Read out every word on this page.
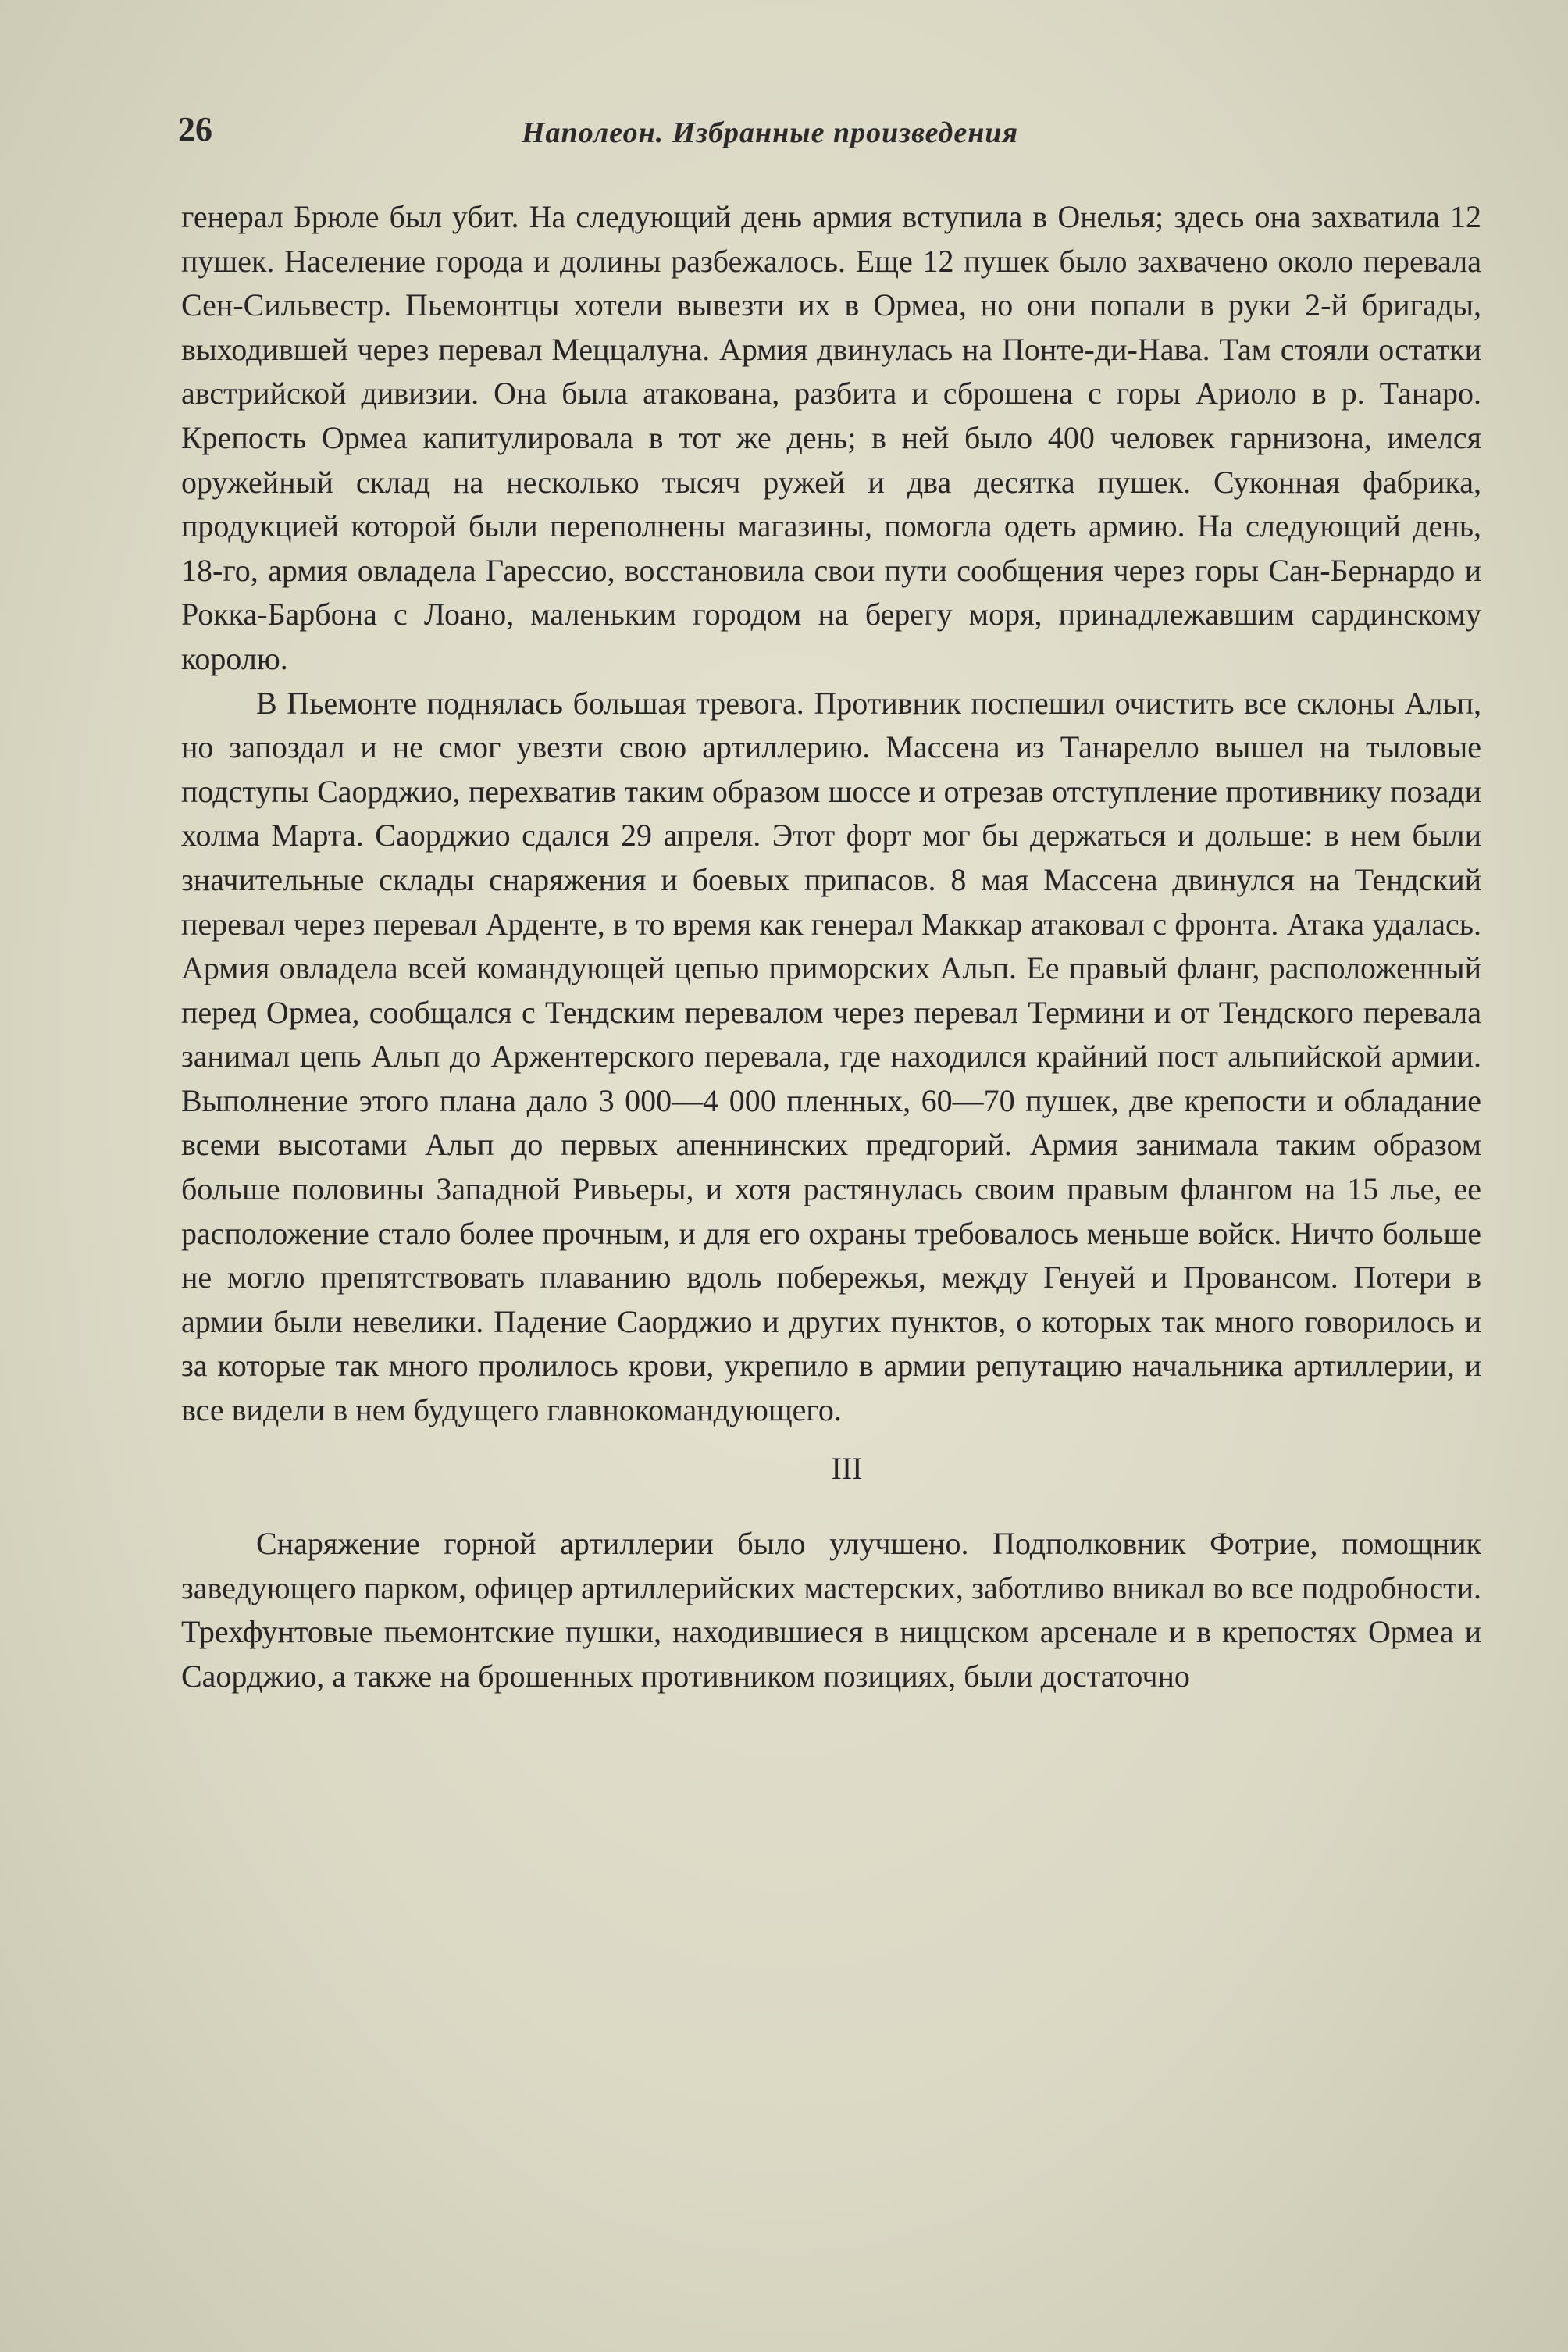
26	Наполеон. Избранные произведения

генерал Брюле был убит. На следующий день армия вступила в Онелья; здесь она захватила 12 пушек. Население города и долины разбежалось. Еще 12 пушек было захвачено около перевала Сен-Сильвестр. Пьемонтцы хотели вывезти их в Ормеа, но они попали в руки 2-й бригады, выходившей через перевал Меццалуна. Армия двинулась на Понте-ди-Нава. Там стояли остатки австрийской дивизии. Она была атакована, разбита и сброшена с горы Ариоло в р. Танаро. Крепость Ормеа капитулировала в тот же день; в ней было 400 человек гарнизона, имелся оружейный склад на несколько тысяч ружей и два десятка пушек. Суконная фабрика, продукцией которой были переполнены магазины, помогла одеть армию. На следующий день, 18-го, армия овладела Гарессио, восстановила свои пути сообщения через горы Сан-Бернардо и Рокка-Барбона с Лоано, маленьким городом на берегу моря, принадлежавшим сардинскому королю.

В Пьемонте поднялась большая тревога. Противник поспешил очистить все склоны Альп, но запоздал и не смог увезти свою артиллерию. Массена из Танарелло вышел на тыловые подступы Саорджио, перехватив таким образом шоссе и отрезав отступление противнику позади холма Марта. Саорджио сдался 29 апреля. Этот форт мог бы держаться и дольше: в нем были значительные склады снаряжения и боевых припасов. 8 мая Массена двинулся на Тендский перевал через перевал Арденте, в то время как генерал Маккар атаковал с фронта. Атака удалась. Армия овладела всей командующей цепью приморских Альп. Ее правый фланг, расположенный перед Ормеа, сообщался с Тендским перевалом через перевал Термини и от Тендского перевала занимал цепь Альп до Аржентерского перевала, где находился крайний пост альпийской армии. Выполнение этого плана дало 3 000—4 000 пленных, 60—70 пушек, две крепости и обладание всеми высотами Альп до первых апеннинских предгорий. Армия занимала таким образом больше половины Западной Ривьеры, и хотя растянулась своим правым флангом на 15 лье, ее расположение стало более прочным, и для его охраны требовалось меньше войск. Ничто больше не могло препятствовать плаванию вдоль побережья, между Генуей и Провансом. Потери в армии были невелики. Падение Саорджио и других пунктов, о которых так много говорилось и за которые так много пролилось крови, укрепило в армии репутацию начальника артиллерии, и все видели в нем будущего главнокомандующего.

III

Снаряжение горной артиллерии было улучшено. Подполковник Фотрие, помощник заведующего парком, офицер артиллерийских мастерских, заботливо вникал во все подробности. Трехфунтовые пьемонтские пушки, находившиеся в ниццском арсенале и в крепостях Ормеа и Саорджио, а также на брошенных противником позициях, были достаточно
